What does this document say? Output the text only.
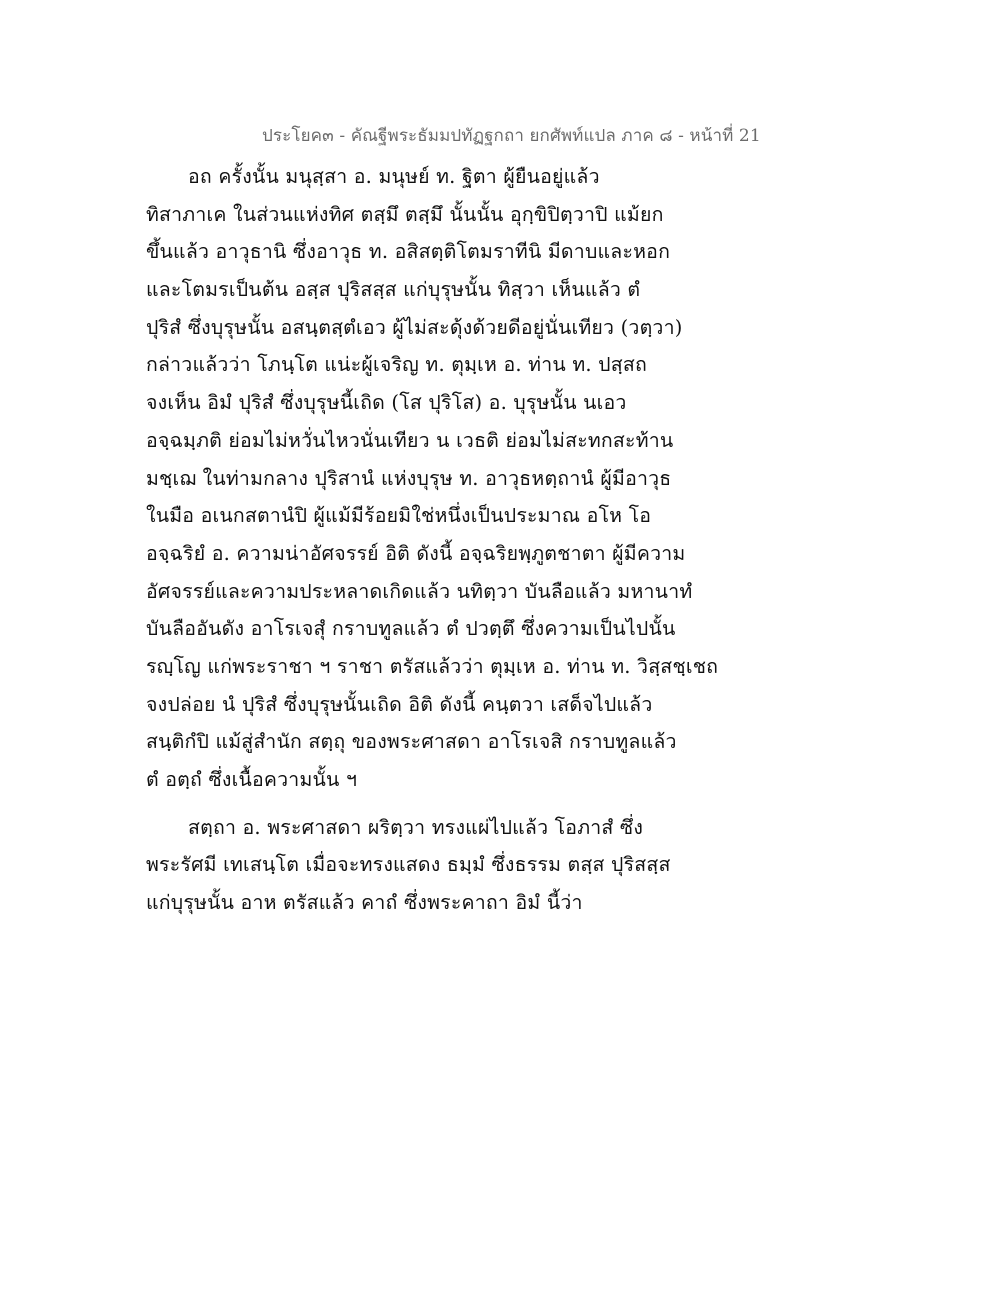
ประโยค๓ - คัณฐีพระธัมมปทัฏฐกถา ยกศัพท์แปล ภาค ๘ - หน้าที่ 21
อถ ครั้งนั้น มนุสฺสา อ. มนุษย์ ท. ฐิตา ผู้ยืนอยู่แล้ว
ทิสาภาเค ในส่วนแห่งทิศ ตสฺมึ ตสฺมึ นั้นนั้น อุกฺขิปิตฺวาปิ แม้ยก
ขึ้นแล้ว อาวุธานิ ซึ่งอาวุธ ท. อสิสตฺติโตมราทีนิ มีดาบและหอก
และโตมรเป็นต้น อสฺส ปุริสสฺส แก่บุรุษนั้น ทิสฺวา เห็นแล้ว ตํ
ปุริสํ ซึ่งบุรุษนั้น อสนฺตสฺตํเอว ผู้ไม่สะดุ้งด้วยดีอยู่นั่นเทียว (วตฺวา)
กล่าวแล้วว่า โภนฺโต แน่ะผู้เจริญ ท. ตุมฺเห อ. ท่าน ท. ปสฺสถ
จงเห็น อิมํ ปุริสํ ซึ่งบุรุษนี้เถิด (โส ปุริโส) อ. บุรุษนั้น นเอว
อจฺฉมฺภติ ย่อมไม่หวั่นไหวนั่นเทียว น เวธติ ย่อมไม่สะทกสะท้าน
มชฺเฌ ในท่ามกลาง ปุริสานํ แห่งบุรุษ ท. อาวุธหตฺถานํ ผู้มีอาวุธ
ในมือ อเนกสตานํปิ ผู้แม้มีร้อยมิใช่หนึ่งเป็นประมาณ อโห โอ
อจฺฉริยํ อ. ความน่าอัศจรรย์ อิติ ดังนี้ อจฺฉริยพฺภูตชาตา ผู้มีความ
อัศจรรย์และความประหลาดเกิดแล้ว นทิตฺวา บันลือแล้ว มหานาทํ
บันลืออันดัง อาโรเจสุํ กราบทูลแล้ว ตํ ปวตฺตึ ซึ่งความเป็นไปนั้น
รญฺโญ แก่พระราชา ฯ ราชา ตรัสแล้วว่า ตุมฺเห อ. ท่าน ท. วิสฺสชฺเชถ
จงปล่อย นํ ปุริสํ ซึ่งบุรุษนั้นเถิด อิติ ดังนี้ คนฺตวา เสด็จไปแล้ว
สนฺติกํปิ แม้สู่สำนัก สตฺถุ ของพระศาสดา อาโรเจสิ กราบทูลแล้ว
ตํ อตฺถํ ซึ่งเนื้อความนั้น ฯ
สตฺถา อ. พระศาสดา ผริตฺวา ทรงแผ่ไปแล้ว โอภาสํ ซึ่ง
พระรัศมี เทเสนฺโต เมื่อจะทรงแสดง ธมฺมํ ซึ่งธรรม ตสฺส ปุริสสฺส
แก่บุรุษนั้น อาห ตรัสแล้ว คาถํ ซึ่งพระคาถา อิมํ นี้ว่า
